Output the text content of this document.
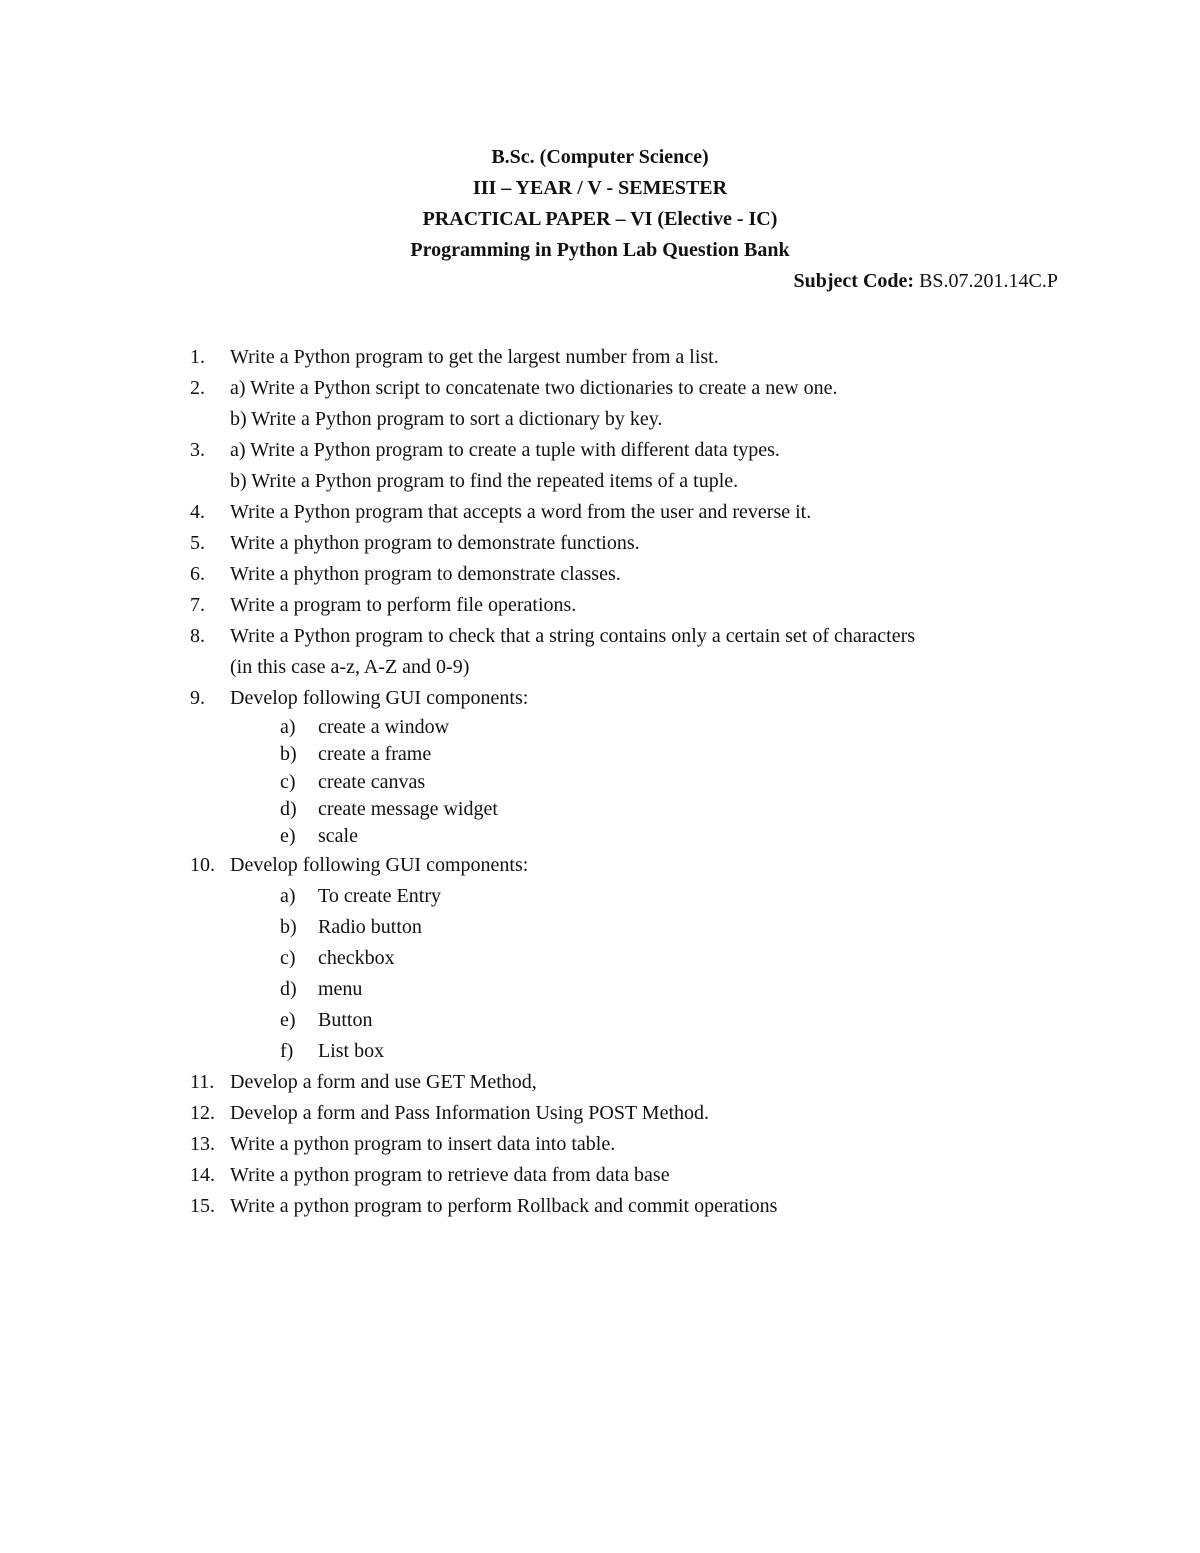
B.Sc. (Computer Science)
III – YEAR / V - SEMESTER
PRACTICAL PAPER – VI (Elective - IC)
Programming in Python Lab Question Bank
Subject Code: BS.07.201.14C.P
1.	Write a Python program to get the largest number from a list.
2.	a) Write a Python script to concatenate two dictionaries to create a new one.
b) Write a Python program to sort a dictionary by key.
3.	a) Write a Python program to create a tuple with different data types.
b) Write a Python program to find the repeated items of a tuple.
4.	Write a Python program that accepts a word from the user and reverse it.
5.	Write a phython program to demonstrate functions.
6.	Write a phython program to demonstrate classes.
7.	Write a program to perform file operations.
8.	Write a Python program to check that a string contains only a certain set of characters
(in this case a-z, A-Z and 0-9)
9.	Develop following GUI components:
a) create a window
b) create a frame
c) create canvas
d) create message widget
e) scale
10. Develop following GUI components:
a) To create Entry
b) Radio button
c) checkbox
d) menu
e) Button
f) List box
11. Develop a form and use GET Method,
12. Develop a form and Pass Information Using POST Method.
13. Write a python program to insert data into table.
14. Write a python program to retrieve data from data base
15. Write a python program to perform Rollback and commit operations
